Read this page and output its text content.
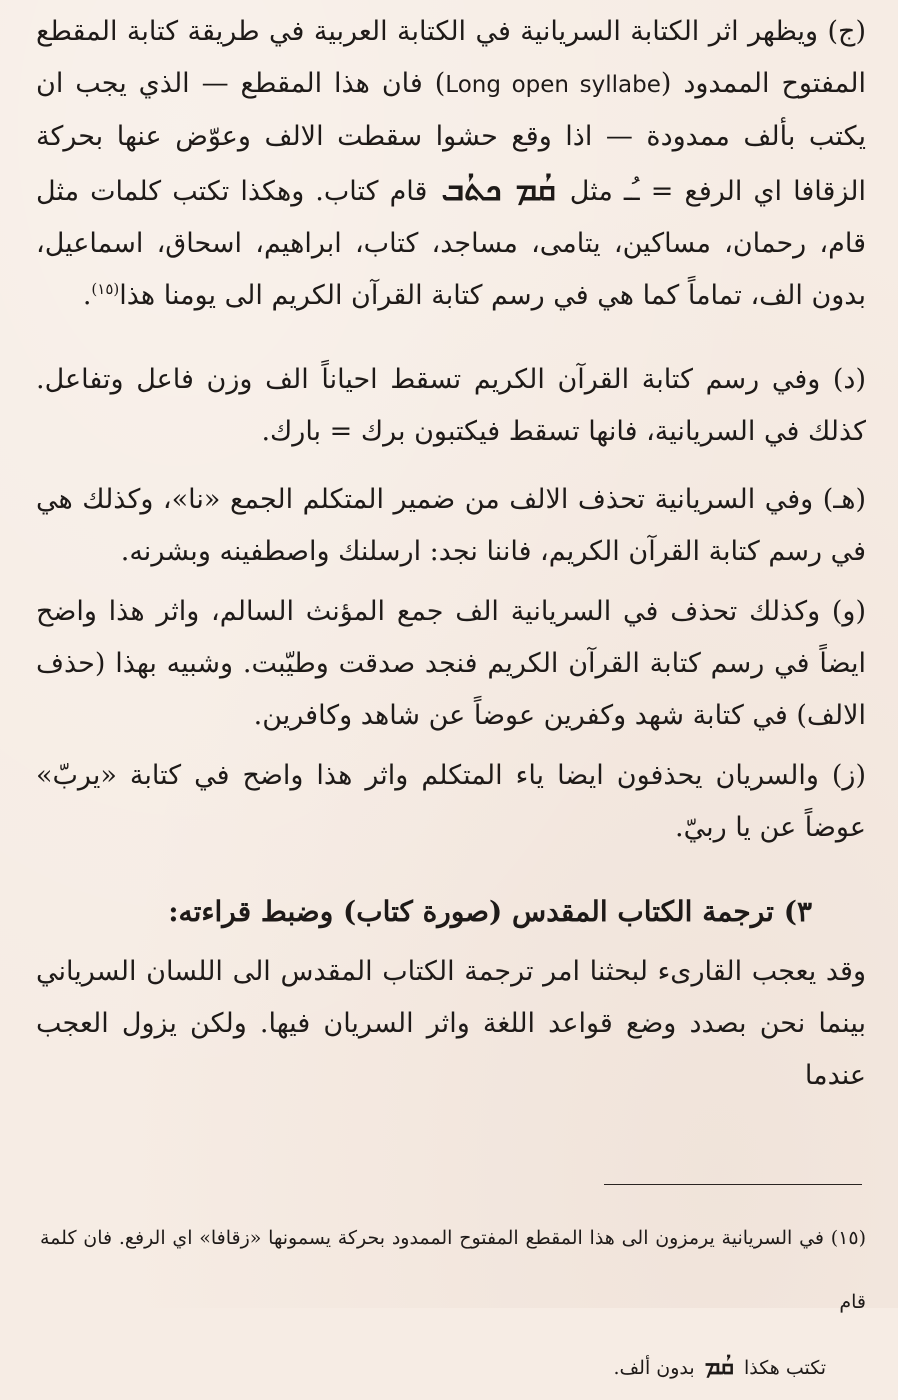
(ج) ويظهر اثر الكتابة السريانية في الكتابة العربية في طريقة كتابة المقطع المفتوح الممدود (Long open syllabe) فان هذا المقطع — الذي يجب ان يكتب بألف ممدودة — اذا وقع حشوا سقطت الالف وعوّض عنها بحركة الزقافا اي الرفع = ـُـ مثلܩܳܡ ܟܬܳܒقام كتاب. وهكذا تكتب كلمات مثل قام، رحمان، مساكين، يتامى، مساجد، كتاب، ابراهيم، اسحاق، اسماعيل، بدون الف، تماماً كما هي في رسم كتابة القرآن الكريم الى يومنا هذا$^{(١٥)}$.

(د) وفي رسم كتابة القرآن الكريم تسقط احياناً الف وزن فاعل وتفاعل. كذلك في السريانية، فانها تسقط فيكتبون برك = بارك.

(هـ) وفي السريانية تحذف الالف من ضمير المتكلم الجمع «نا»، وكذلك هي في رسم كتابة القرآن الكريم، فاننا نجد: ارسلنك واصطفينه وبشرنه.

(و) وكذلك تحذف في السريانية الف جمع المؤنث السالم، واثر هذا واضح ايضاً في رسم كتابة القرآن الكريم فنجد صدقت وطيّبت. وشبيه بهذا (حذف الالف) في كتابة شهد وكفرين عوضاً عن شاهد وكافرين.

(ز) والسريان يحذفون ايضا ياء المتكلم واثر هذا واضح في كتابة «يربّ» عوضاً عن يا ربيّ.

٣) ترجمة الكتاب المقدس (صورة كتاب) وضبط قراءته:

وقد يعجب القارىء لبحثنا امر ترجمة الكتاب المقدس الى اللسان السرياني بينما نحن بصدد وضع قواعد اللغة واثر السريان فيها. ولكن يزول العجب عندما

(١٥) في السريانية يرمزون الى هذا المقطع المفتوح الممدود بحركة يسمونها «زقافا» اي الرفع. فان كلمة قام

تكتب هكذا ܩܳܡ بدون ألف.
